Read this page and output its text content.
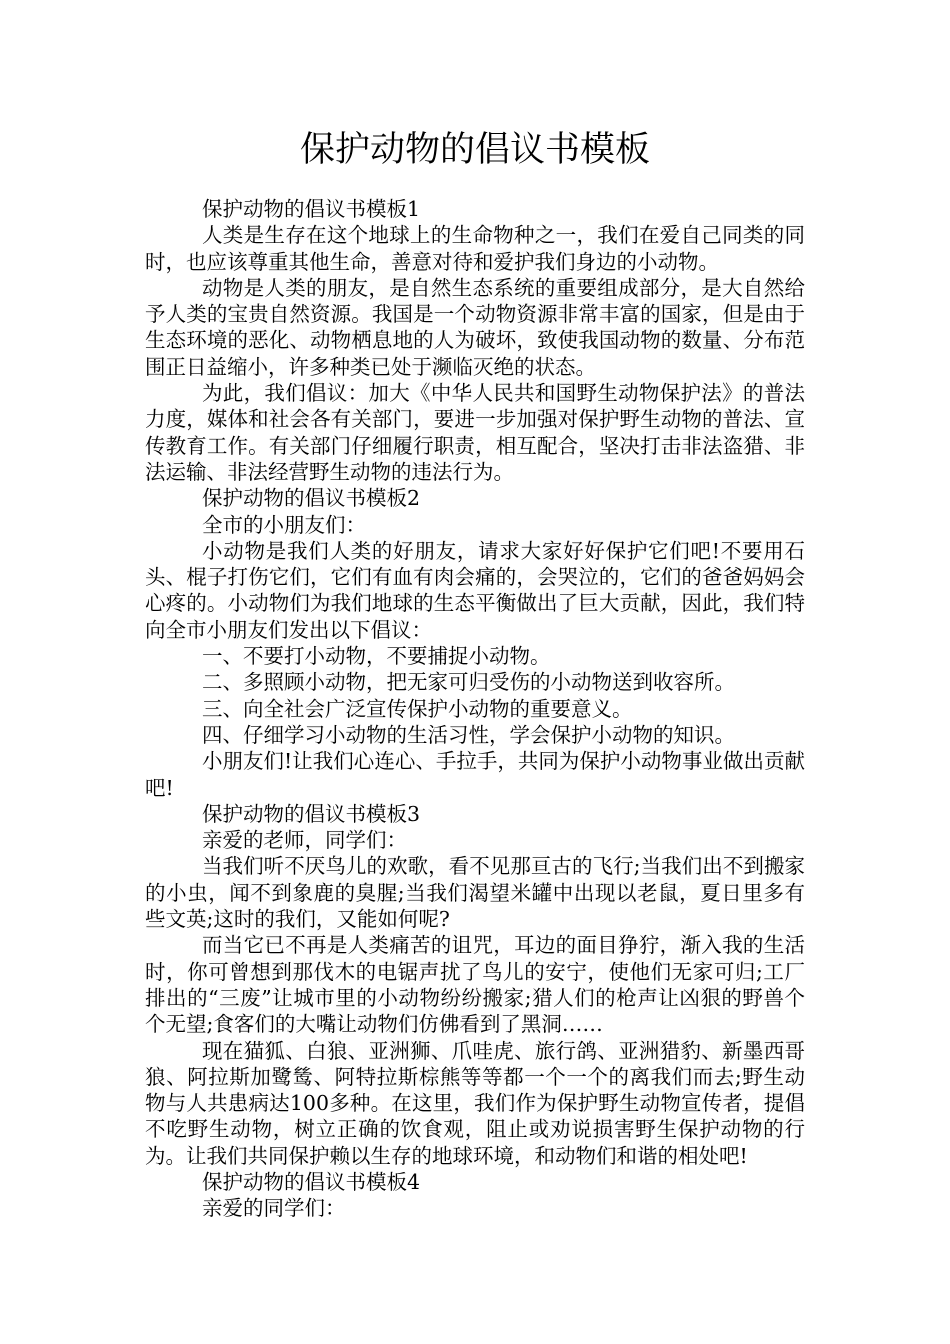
保护动物的倡议书模板

保护动物的倡议书模板1

人类是生存在这个地球上的生命物种之一，我们在爱自己同类的同时，也应该尊重其他生命，善意对待和爱护我们身边的小动物。

动物是人类的朋友，是自然生态系统的重要组成部分，是大自然给予人类的宝贵自然资源。我国是一个动物资源非常丰富的国家，但是由于生态环境的恶化、动物栖息地的人为破坏，致使我国动物的数量、分布范围正日益缩小，许多种类已处于濒临灭绝的状态。

为此，我们倡议：加大《中华人民共和国野生动物保护法》的普法力度，媒体和社会各有关部门，要进一步加强对保护野生动物的普法、宣传教育工作。有关部门仔细履行职责，相互配合，坚决打击非法盗猎、非法运输、非法经营野生动物的违法行为。

保护动物的倡议书模板2

全市的小朋友们：

小动物是我们人类的好朋友，请求大家好好保护它们吧!不要用石头、棍子打伤它们，它们有血有肉会痛的，会哭泣的，它们的爸爸妈妈会心疼的。小动物们为我们地球的生态平衡做出了巨大贡献，因此，我们特向全市小朋友们发出以下倡议：

一、不要打小动物，不要捕捉小动物。

二、多照顾小动物，把无家可归受伤的小动物送到收容所。

三、向全社会广泛宣传保护小动物的重要意义。

四、仔细学习小动物的生活习性，学会保护小动物的知识。

小朋友们!让我们心连心、手拉手，共同为保护小动物事业做出贡献吧!

保护动物的倡议书模板3

亲爱的老师，同学们：

当我们听不厌鸟儿的欢歌，看不见那亘古的飞行;当我们出不到搬家的小虫，闻不到象鹿的臭腥;当我们渴望米罐中出现以老鼠，夏日里多有些文英;这时的我们，又能如何呢?

而当它已不再是人类痛苦的诅咒，耳边的面目狰狞，渐入我的生活时，你可曾想到那伐木的电锯声扰了鸟儿的安宁，使他们无家可归;工厂排出的“三废”让城市里的小动物纷纷搬家;猎人们的枪声让凶狠的野兽个个无望;食客们的大嘴让动物们仿佛看到了黑洞……

现在猫狐、白狼、亚洲狮、爪哇虎、旅行鸽、亚洲猎豹、新墨西哥狼、阿拉斯加鹭鸶、阿特拉斯棕熊等等都一个一个的离我们而去;野生动物与人共患病达100多种。在这里，我们作为保护野生动物宣传者，提倡不吃野生动物，树立正确的饮食观，阻止或劝说损害野生保护动物的行为。让我们共同保护赖以生存的地球环境，和动物们和谐的相处吧!

保护动物的倡议书模板4

亲爱的同学们：
